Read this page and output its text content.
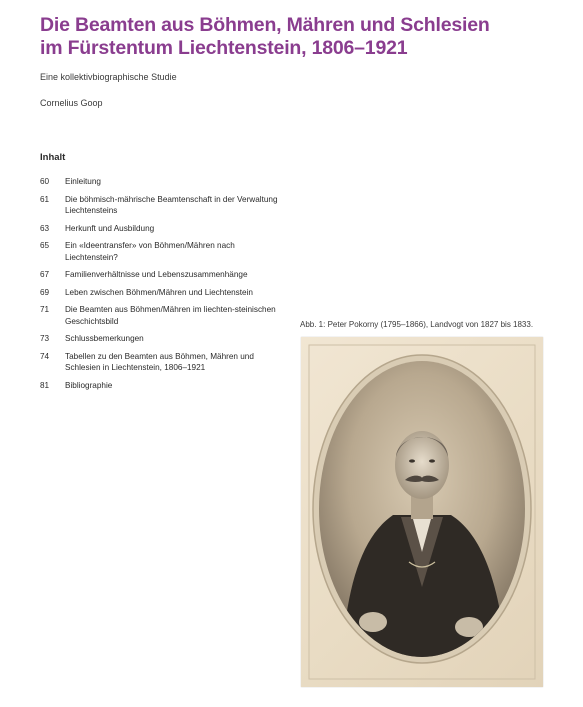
Die Beamten aus Böhmen, Mähren und Schlesien
im Fürstentum Liechtenstein, 1806–1921
Eine kollektivbiographische Studie
Cornelius Goop
Inhalt
60	Einleitung
61	Die böhmisch-mährische Beamtenschaft in der Verwaltung Liechtensteins
63	Herkunft und Ausbildung
65	Ein «Ideentransfer» von Böhmen/Mähren nach Liechtenstein?
67	Familienverhältnisse und Lebenszusammenhänge
69	Leben zwischen Böhmen/Mähren und Liechtenstein
71	Die Beamten aus Böhmen/Mähren im liechten-steinischen Geschichtsbild
73	Schlussbemerkungen
74	Tabellen zu den Beamten aus Böhmen, Mähren und Schlesien in Liechtenstein, 1806–1921
81	Bibliographie
Abb. 1: Peter Pokorny (1795–1866), Landvogt von 1827 bis 1833.
